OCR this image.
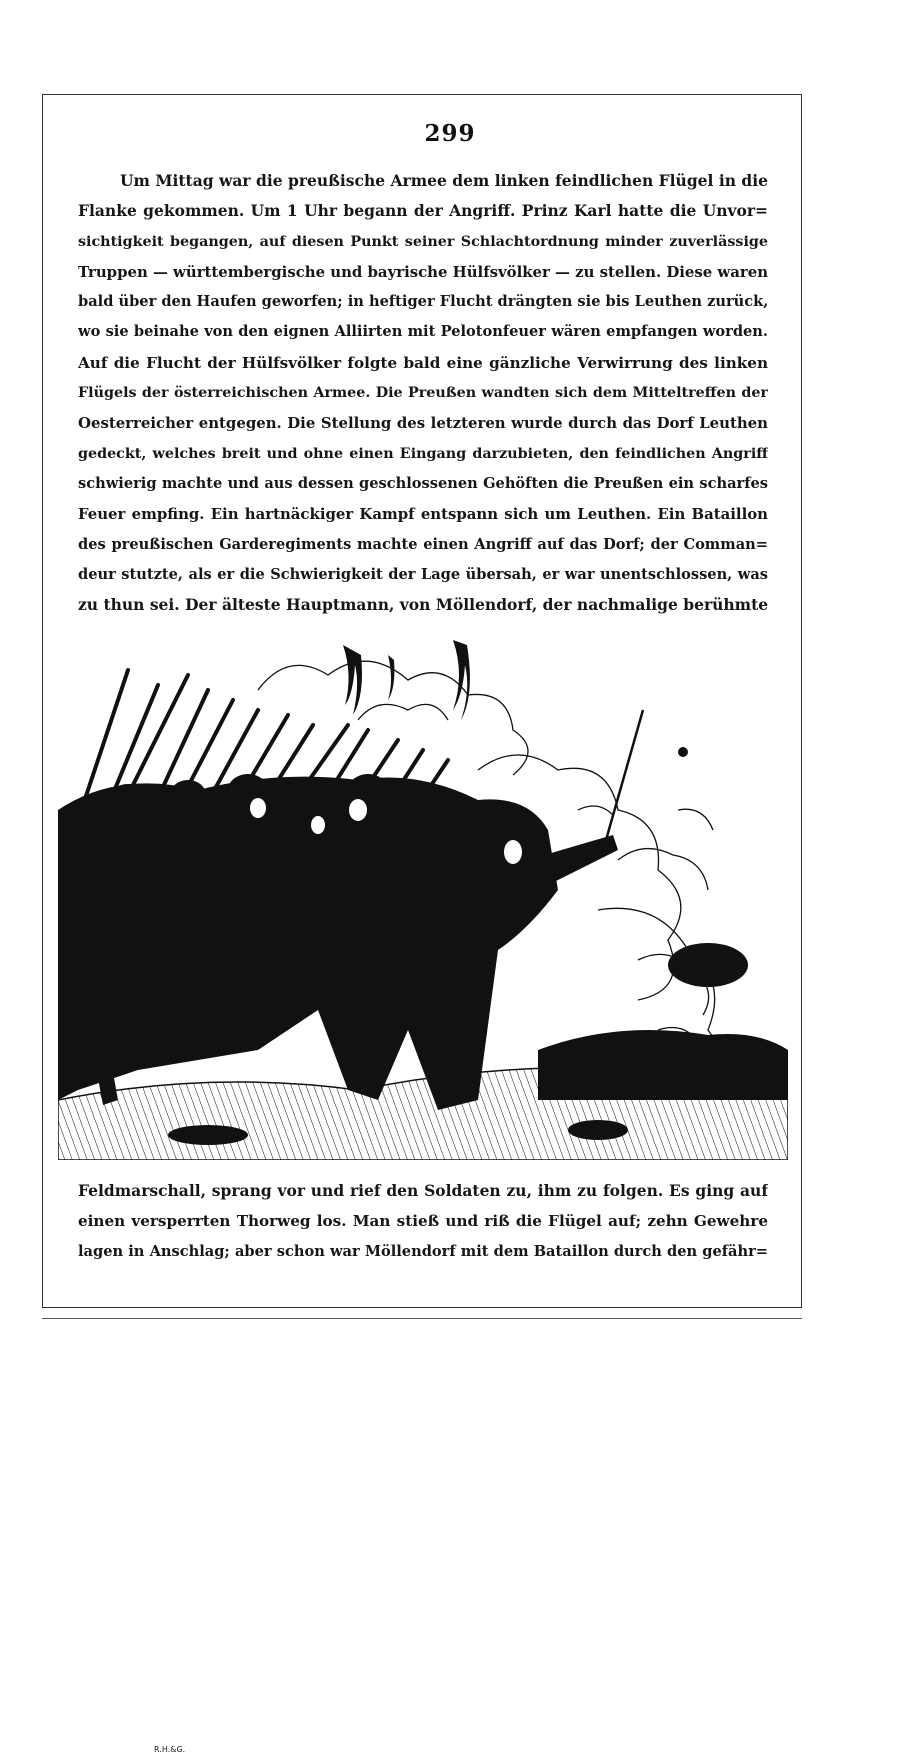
299
Um Mittag war die preußische Armee dem linken feindlichen Flügel in die
Flanke gekommen. Um 1 Uhr begann der Angriff. Prinz Karl hatte die Unvor=
sichtigkeit begangen, auf diesen Punkt seiner Schlachtordnung minder zuverlässige
Truppen — württembergische und bayrische Hülfsvölker — zu stellen. Diese waren
bald über den Haufen geworfen; in heftiger Flucht drängten sie bis Leuthen zurück,
wo sie beinahe von den eignen Alliirten mit Pelotonfeuer wären empfangen worden.
Auf die Flucht der Hülfsvölker folgte bald eine gänzliche Verwirrung des linken
Flügels der österreichischen Armee. Die Preußen wandten sich dem Mitteltreffen der
Oesterreicher entgegen. Die Stellung des letzteren wurde durch das Dorf Leuthen
gedeckt, welches breit und ohne einen Eingang darzubieten, den feindlichen Angriff
schwierig machte und aus dessen geschlossenen Gehöften die Preußen ein scharfes
Feuer empfing. Ein hartnäckiger Kampf entspann sich um Leuthen. Ein Bataillon
des preußischen Garderegiments machte einen Angriff auf das Dorf; der Comman=
deur stutzte, als er die Schwierigkeit der Lage übersah, er war unentschlossen, was
zu thun sei. Der älteste Hauptmann, von Möllendorf, der nachmalige berühmte
R.H.&G.
Feldmarschall, sprang vor und rief den Soldaten zu, ihm zu folgen. Es ging auf
einen versperrten Thorweg los. Man stieß und riß die Flügel auf; zehn Gewehre
lagen in Anschlag; aber schon war Möllendorf mit dem Bataillon durch den gefähr=
